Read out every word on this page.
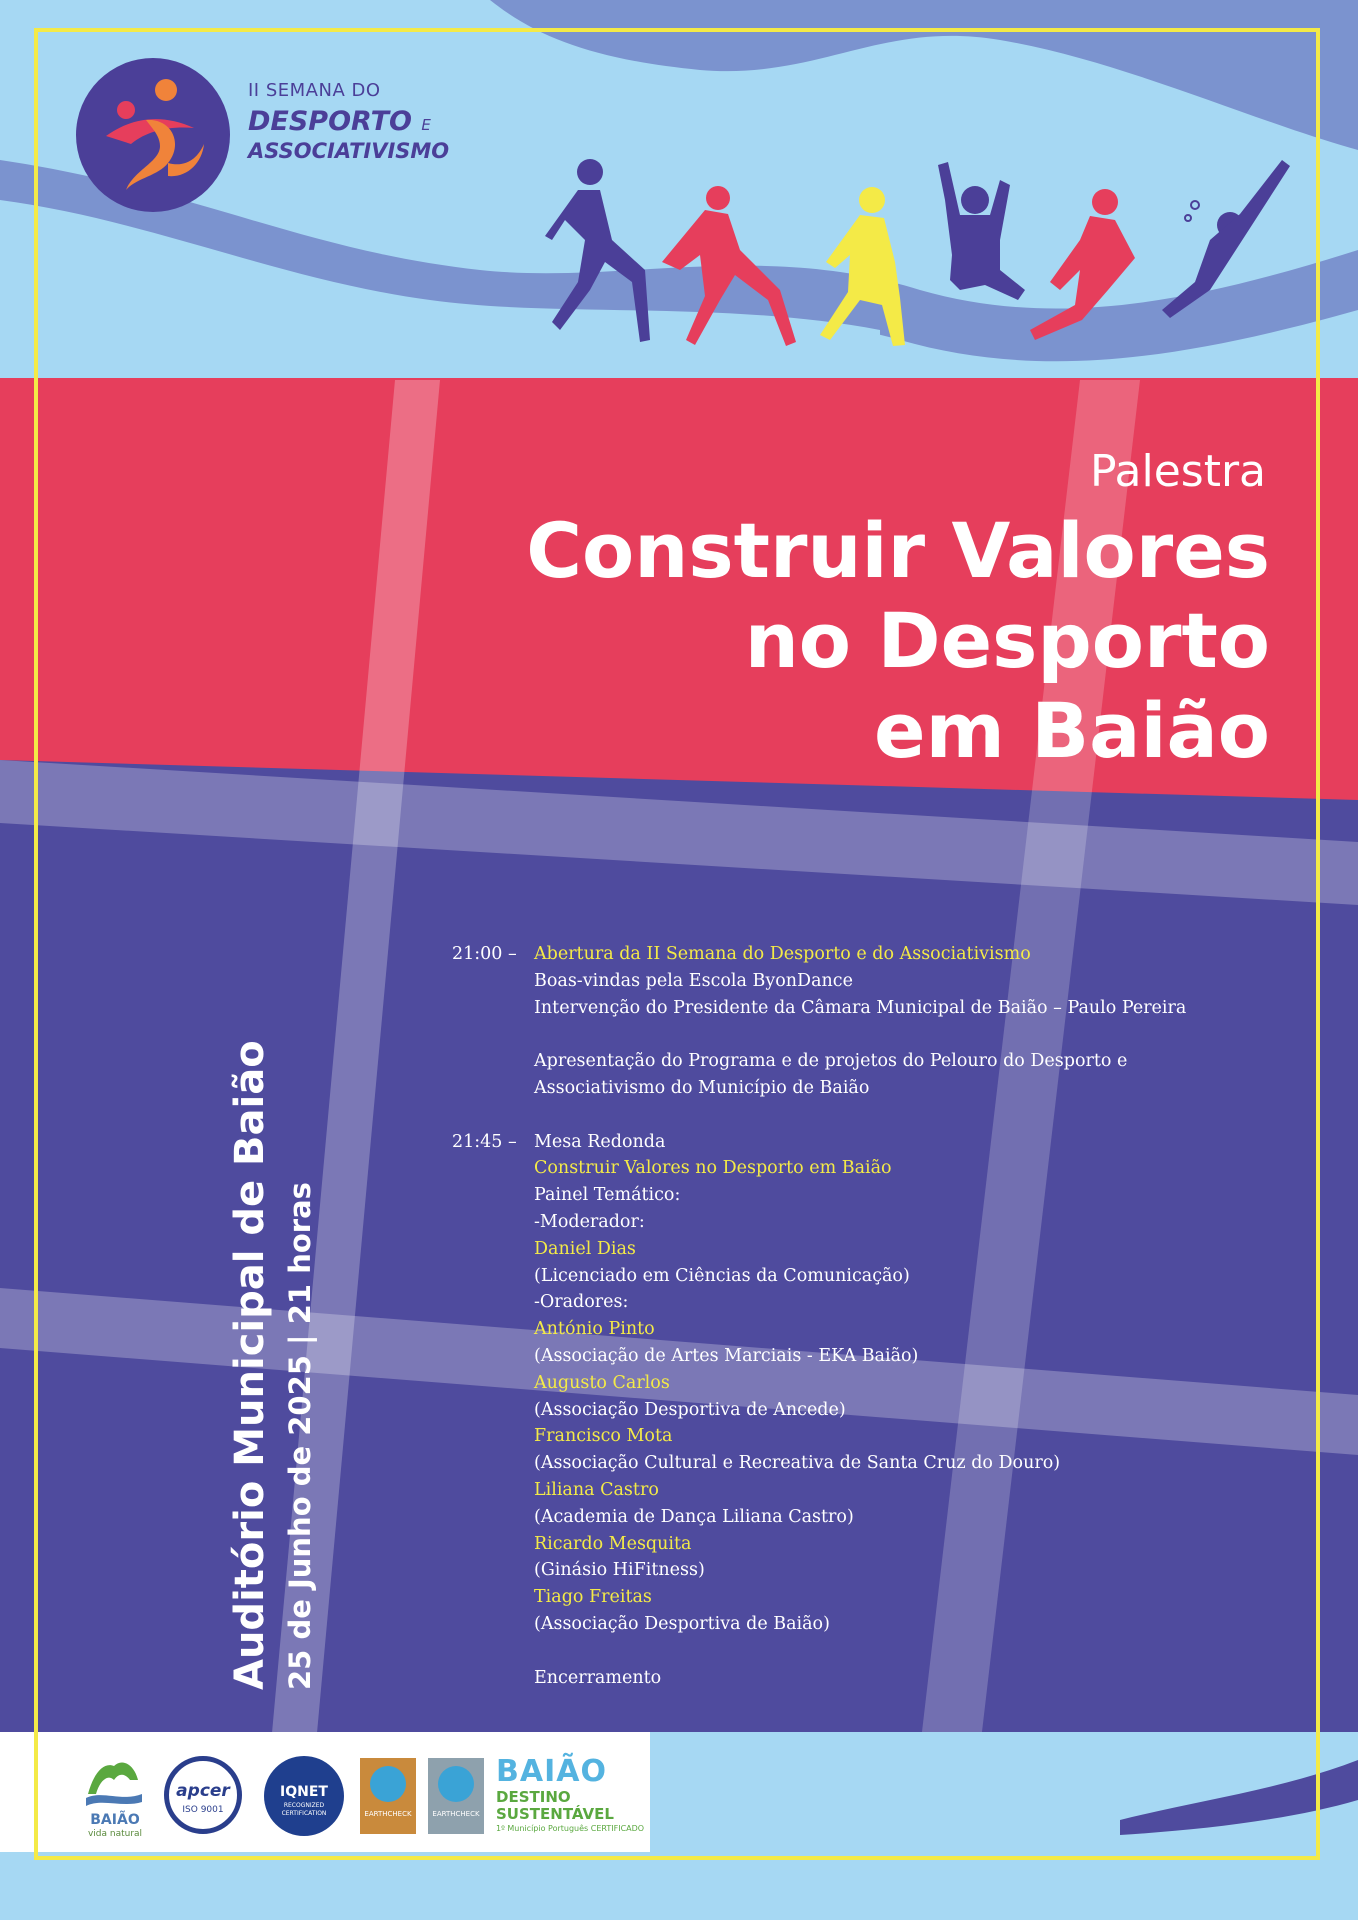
II SEMANA DO
DESPORTO E
ASSOCIATIVISMO
Palestra
Construir Valores
no Desporto
em Baião
Auditório Municipal de Baião 25 de Junho de 2025 | 21 horas
21:00 – Abertura da II Semana do Desporto e do Associativismo
Boas-vindas pela Escola ByonDance
Intervenção do Presidente da Câmara Municipal de Baião – Paulo Pereira
Apresentação do Programa e de projetos do Pelouro do Desporto e
Associativismo do Município de Baião
21:45 – Mesa Redonda
Construir Valores no Desporto em Baião
Painel Temático:
-Moderador:
Daniel Dias
(Licenciado em Ciências da Comunicação)
-Oradores:
António Pinto
(Associação de Artes Marciais - EKA Baião)
Augusto Carlos
(Associação Desportiva de Ancede)
Francisco Mota
(Associação Cultural e Recreativa de Santa Cruz do Douro)
Liliana Castro
(Academia de Dança Liliana Castro)
Ricardo Mesquita
(Ginásio HiFitness)
Tiago Freitas
(Associação Desportiva de Baião)
Encerramento
BAIÃO
vida natural
apcer
ISO 9001
IQNET
RECOGNIZED CERTIFICATION	EARTHCHECK	EARTHCHECK
BAIÃO
DESTINO
SUSTENTÁVEL
1º Município Português CERTIFICADO
